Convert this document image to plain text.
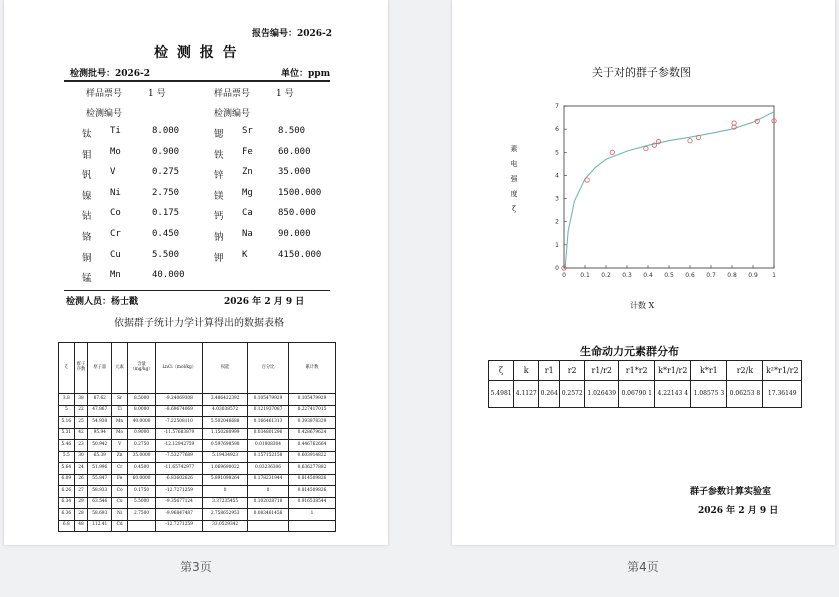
报告编号：2026-2
检 测 报 告
检测批号：2026-2	单位：ppm
样品票号	1 号	样品票号	1 号
检测编号	检测编号
钛 Ti	8.000
钼 Mo	0.900
钒 V	0.275
镍 Ni	2.750
钴 Co	0.175
铬 Cr	0.450
铜 Cu	5.500
锰 Mn	40.000
锶 Sr	8.500
铁 Fe	60.000
锌 Zn	35.000
镁 Mg	1500.000
钙 Ca	850.000
钠 Na	90.000
钾 K	4150.000
检测人员：杨士戳	2026 年 2 月 9 日
依据群子统计力学计算得出的数据表格
ζ	群子序数	原子量	元素	含量（mg/kg）	LnCi（mol/kg）	权能	百分比	累计数
3.8	38	87.62	Sr	8.5000	-9.24069308	3.486422392	0.105479929	0.105479929
5	22	47.867	Ti	8.0000	-8.69674069	4.03038572	0.121937087	0.227417015
5.16	25	54.938	Mn	40.0000	-7.22508110	5.502046688	0.166461313	0.393878329
5.31	42	95.94	Mo	0.9000	-11.57683879	1.150280999	0.034801296	0.428679624
5.46	23	50.942	V	0.2750	-12.12942759	0.597698598	0.01808304	0.446762664
5.5	30	65.39	Zn	35.0000	-7.53277689	5.19434923	0.157152158	0.603914822
5.64	24	51.996	Cr	0.4500	-11.65742977	1.069690022	0.03236306	0.636277882
6.09	26	55.847	Fe	60.0000	-6.83602626	5.891098264	0.178231944	0.814509826
6.26	27	58.933	Co	0.1750	-12.7271259	0	0	0.814509826
6.34	29	63.546	Cu	5.5000	-9.35677124	3.37235455	0.102028718	0.916538544
6.36	28	58.693	Ni	2.7500	-9.96847487	2.758652953	0.083461456	1
6.8	48	112.41	Cd		-12.7271259	33.0529342		
关于对的群子参数图
素
电
强
度
ζ
0 0.1 0.2 0.3 0.4 0.5 0.6 0.7 0.8 0.9 1
0
1
2
3
4
5
6
7
计数 X
生命动力元素群分布
ζ	k	r1	r2	r1/r2	r1*r2	k*r1/r2	k*r1	r2/k	k²*r1/r2
5.4981	4.1127	0.264	0.2572	1.026439	0.06790 1	4.22143 4	1.08575 3	0.06253 8	17.36149
群子参数计算实验室
2026 年 2 月 9 日
第3页	第4页
